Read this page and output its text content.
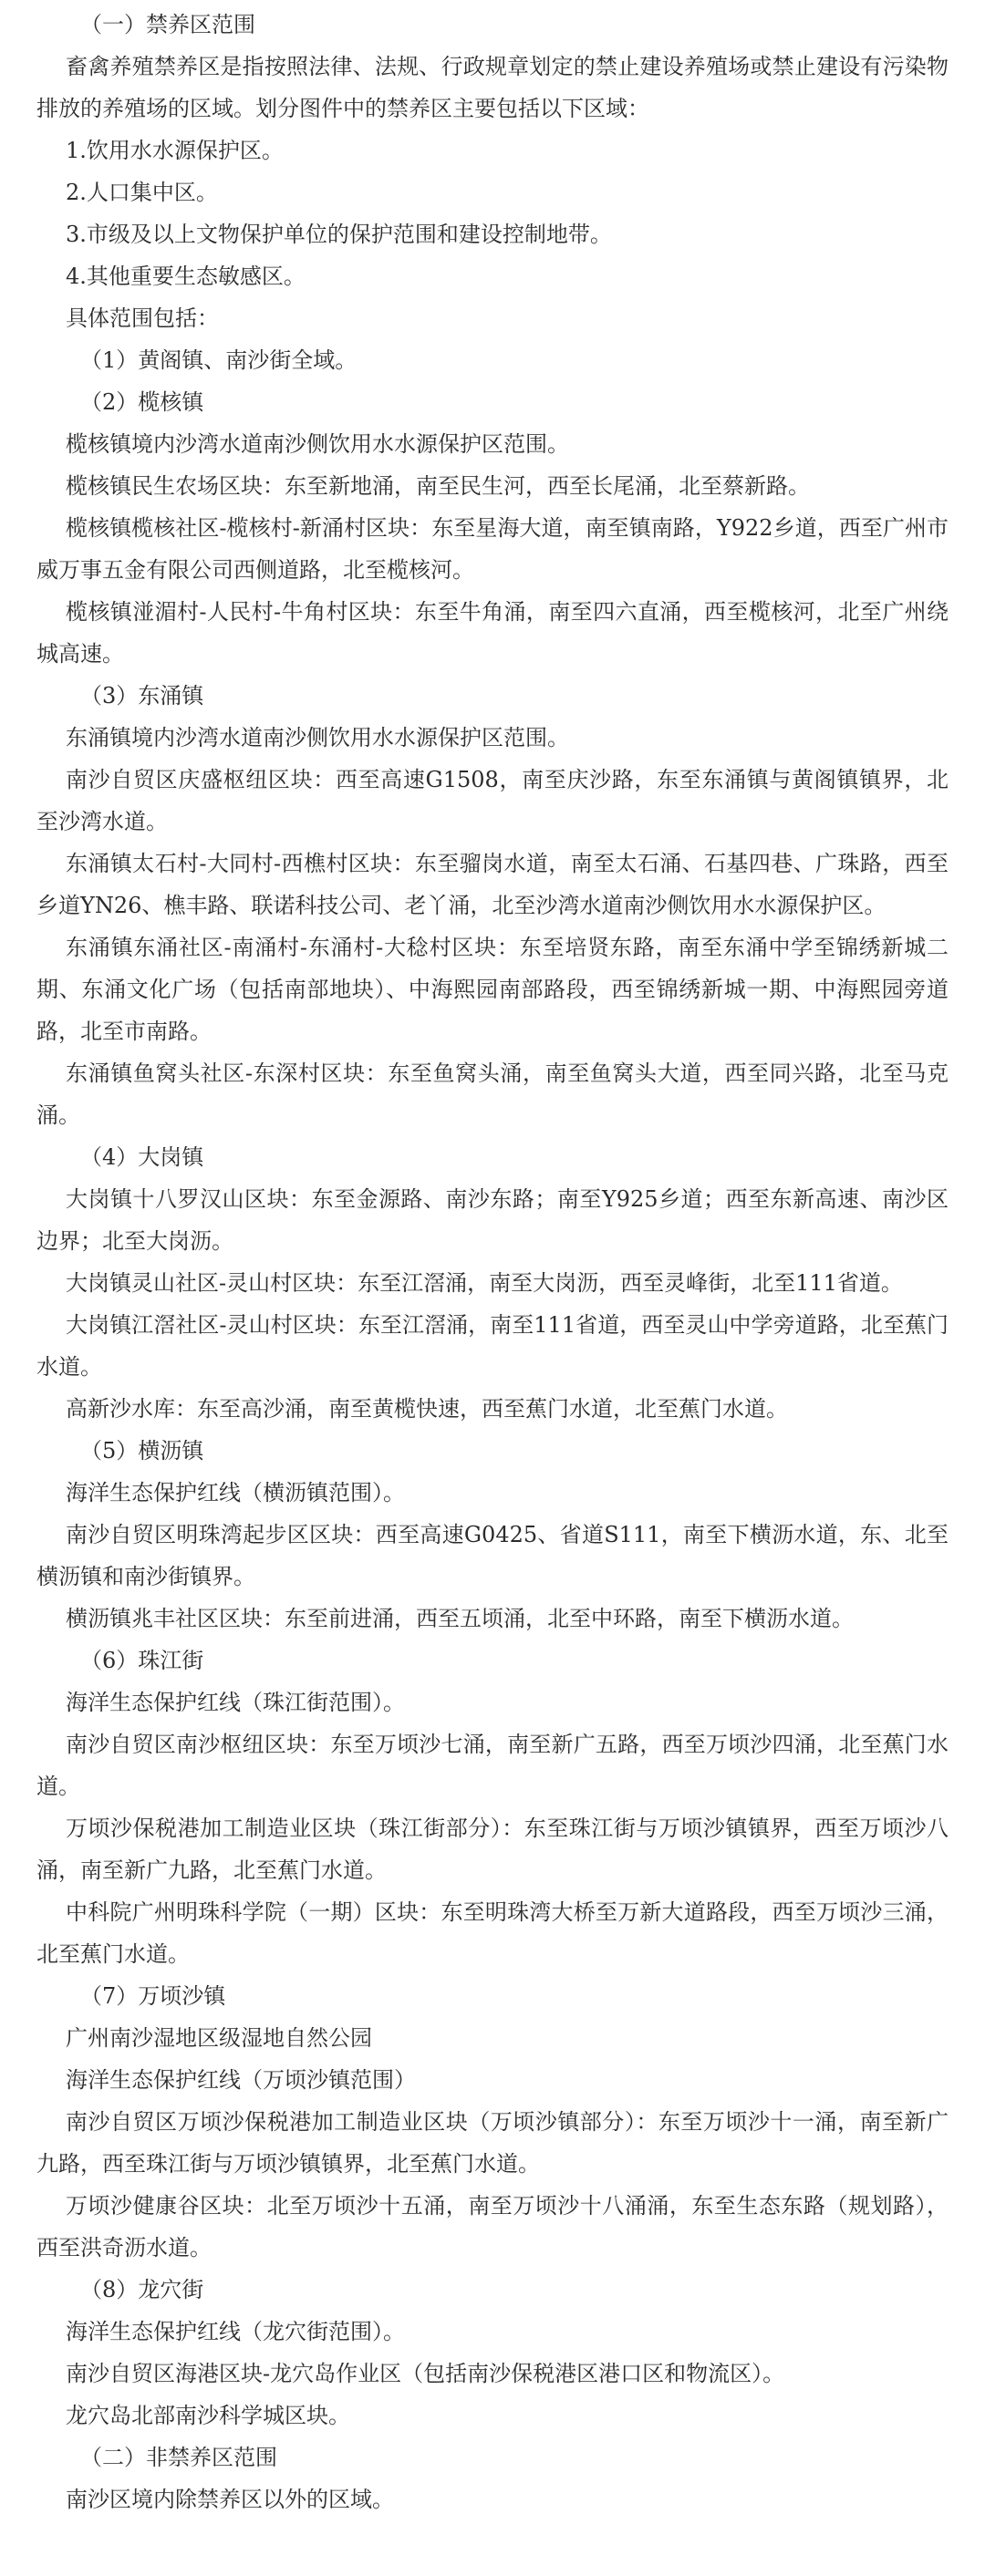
（一）禁养区范围

畜禽养殖禁养区是指按照法律、法规、行政规章划定的禁止建设养殖场或禁止建设有污染物排放的养殖场的区域。划分图件中的禁养区主要包括以下区域：

1.饮用水水源保护区。

2.人口集中区。

3.市级及以上文物保护单位的保护范围和建设控制地带。

4.其他重要生态敏感区。

具体范围包括：

（1）黄阁镇、南沙街全域。

（2）榄核镇

榄核镇境内沙湾水道南沙侧饮用水水源保护区范围。

榄核镇民生农场区块：东至新地涌，南至民生河，西至长尾涌，北至蔡新路。

榄核镇榄核社区-榄核村-新涌村区块：东至星海大道，南至镇南路，Y922乡道，西至广州市威万事五金有限公司西侧道路，北至榄核河。

榄核镇湴湄村-人民村-牛角村区块：东至牛角涌，南至四六直涌，西至榄核河，北至广州绕城高速。

（3）东涌镇

东涌镇境内沙湾水道南沙侧饮用水水源保护区范围。

南沙自贸区庆盛枢纽区块：西至高速G1508，南至庆沙路，东至东涌镇与黄阁镇镇界，北至沙湾水道。

东涌镇太石村-大同村-西樵村区块：东至骝岗水道，南至太石涌、石基四巷、广珠路，西至乡道YN26、樵丰路、联诺科技公司、老丫涌，北至沙湾水道南沙侧饮用水水源保护区。

东涌镇东涌社区-南涌村-东涌村-大稔村区块：东至培贤东路，南至东涌中学至锦绣新城二期、东涌文化广场（包括南部地块）、中海熙园南部路段，西至锦绣新城一期、中海熙园旁道路，北至市南路。

东涌镇鱼窝头社区-东深村区块：东至鱼窝头涌，南至鱼窝头大道，西至同兴路，北至马克涌。

（4）大岗镇

大岗镇十八罗汉山区块：东至金源路、南沙东路；南至Y925乡道；西至东新高速、南沙区边界；北至大岗沥。

大岗镇灵山社区-灵山村区块：东至江滘涌，南至大岗沥，西至灵峰街，北至111省道。

大岗镇江滘社区-灵山村区块：东至江滘涌，南至111省道，西至灵山中学旁道路，北至蕉门水道。

高新沙水库：东至高沙涌，南至黄榄快速，西至蕉门水道，北至蕉门水道。

（5）横沥镇

海洋生态保护红线（横沥镇范围）。

南沙自贸区明珠湾起步区区块：西至高速G0425、省道S111，南至下横沥水道，东、北至横沥镇和南沙街镇界。

横沥镇兆丰社区区块：东至前进涌，西至五顷涌，北至中环路，南至下横沥水道。

（6）珠江街

海洋生态保护红线（珠江街范围）。

南沙自贸区南沙枢纽区块：东至万顷沙七涌，南至新广五路，西至万顷沙四涌，北至蕉门水道。

万顷沙保税港加工制造业区块（珠江街部分）：东至珠江街与万顷沙镇镇界，西至万顷沙八涌，南至新广九路，北至蕉门水道。

中科院广州明珠科学院（一期）区块：东至明珠湾大桥至万新大道路段，西至万顷沙三涌，北至蕉门水道。

（7）万顷沙镇

广州南沙湿地区级湿地自然公园

海洋生态保护红线（万顷沙镇范围）

南沙自贸区万顷沙保税港加工制造业区块（万顷沙镇部分）：东至万顷沙十一涌，南至新广九路，西至珠江街与万顷沙镇镇界，北至蕉门水道。

万顷沙健康谷区块：北至万顷沙十五涌，南至万顷沙十八涌涌，东至生态东路（规划路），西至洪奇沥水道。

（8）龙穴街

海洋生态保护红线（龙穴街范围）。

南沙自贸区海港区块-龙穴岛作业区（包括南沙保税港区港口区和物流区）。

龙穴岛北部南沙科学城区块。

（二）非禁养区范围

南沙区境内除禁养区以外的区域。
